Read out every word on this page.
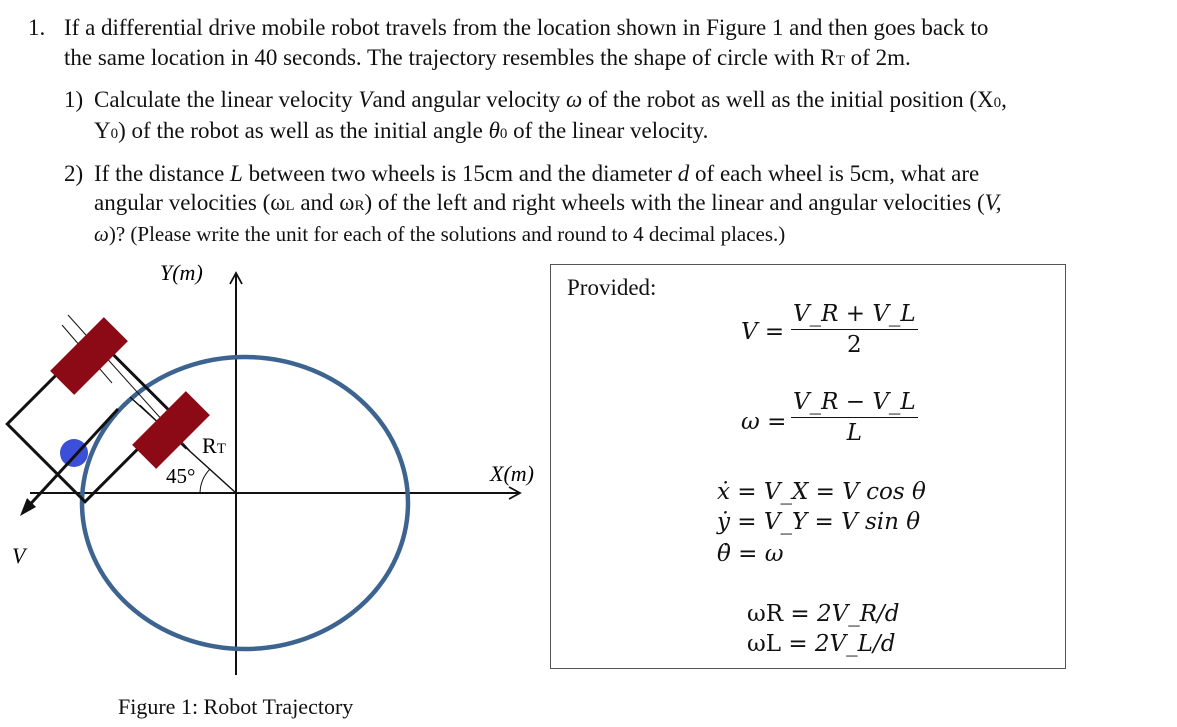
1. If a differential drive mobile robot travels from the location shown in Figure 1 and then goes back to
the same location in 40 seconds. The trajectory resembles the shape of circle with RT of 2m.
1) Calculate the linear velocity Vand angular velocity ω of the robot as well as the initial position (X0,
Y0) of the robot as well as the initial angle θ0 of the linear velocity.
2) If the distance L between two wheels is 15cm and the diameter d of each wheel is 5cm, what are
angular velocities (ωL and ωR) of the left and right wheels with the linear and angular velocities (V,
ω)? (Please write the unit for each of the solutions and round to 4 decimal places.)
Y(m)
X(m)
RT
45°
V
Figure 1: Robot Trajectory
Provided:
$V = \frac{V\_R + V\_L}{2}$
$\omega = \frac{V\_R - V\_L}{L}$
ẋ = V_X = V cos θ
ẏ = V_Y = V sin θ
θ̇ = ω
ωR = 2V_R/d
ωL = 2V_L/d
